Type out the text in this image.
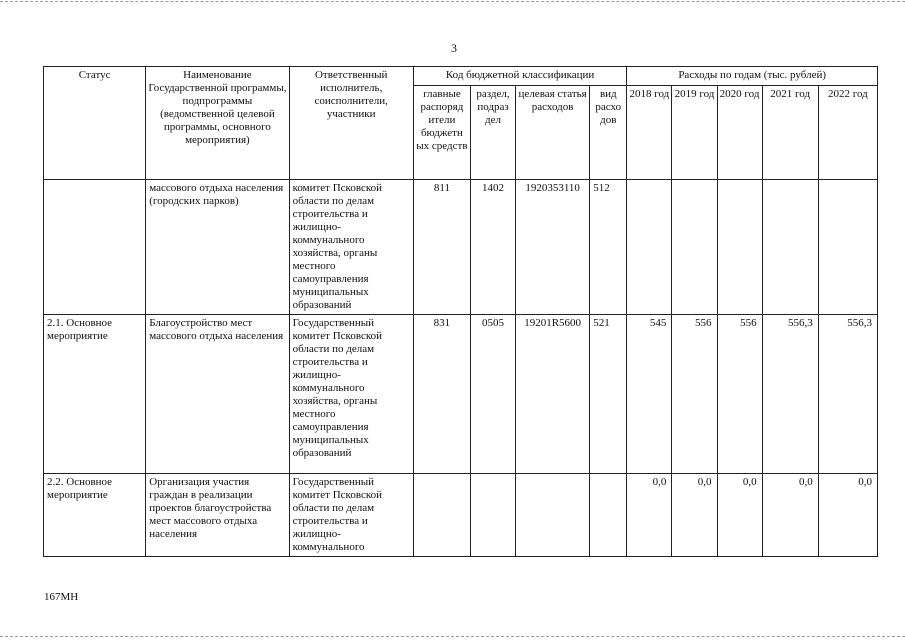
3
Статус	Наименование Государственной программы, подпрограммы (ведомственной целевой программы, основного мероприятия)	Ответственный исполнитель, соисполнители, участники	Код бюджетной классификации				Расходы по годам (тыс. рублей)				
			главные распоряд ители бюджетн ых средств	раздел, подраз дел	целевая статья расходов	вид расхо дов	2018 год	2019 год	2020 год	2021 год	2022 год
	массового отдыха населения (городских парков)	комитет Псковской области по делам строительства и жилищно-коммунального хозяйства, органы местного самоуправления муниципальных образований	811	1402	1920353110	512					
2.1. Основное мероприятие	Благоустройство мест массового отдыха населения	Государственный комитет Псковской области по делам строительства и жилищно-коммунального хозяйства, органы местного самоуправления муниципальных образований	831	0505	19201R5600	521	545	556	556	556,3	556,3
2.2. Основное мероприятие	Организация участия граждан в реализации проектов благоустройства мест массового отдыха населения	Государственный комитет Псковской области по делам строительства и жилищно-коммунального					0,0	0,0	0,0	0,0	0,0
167МН
